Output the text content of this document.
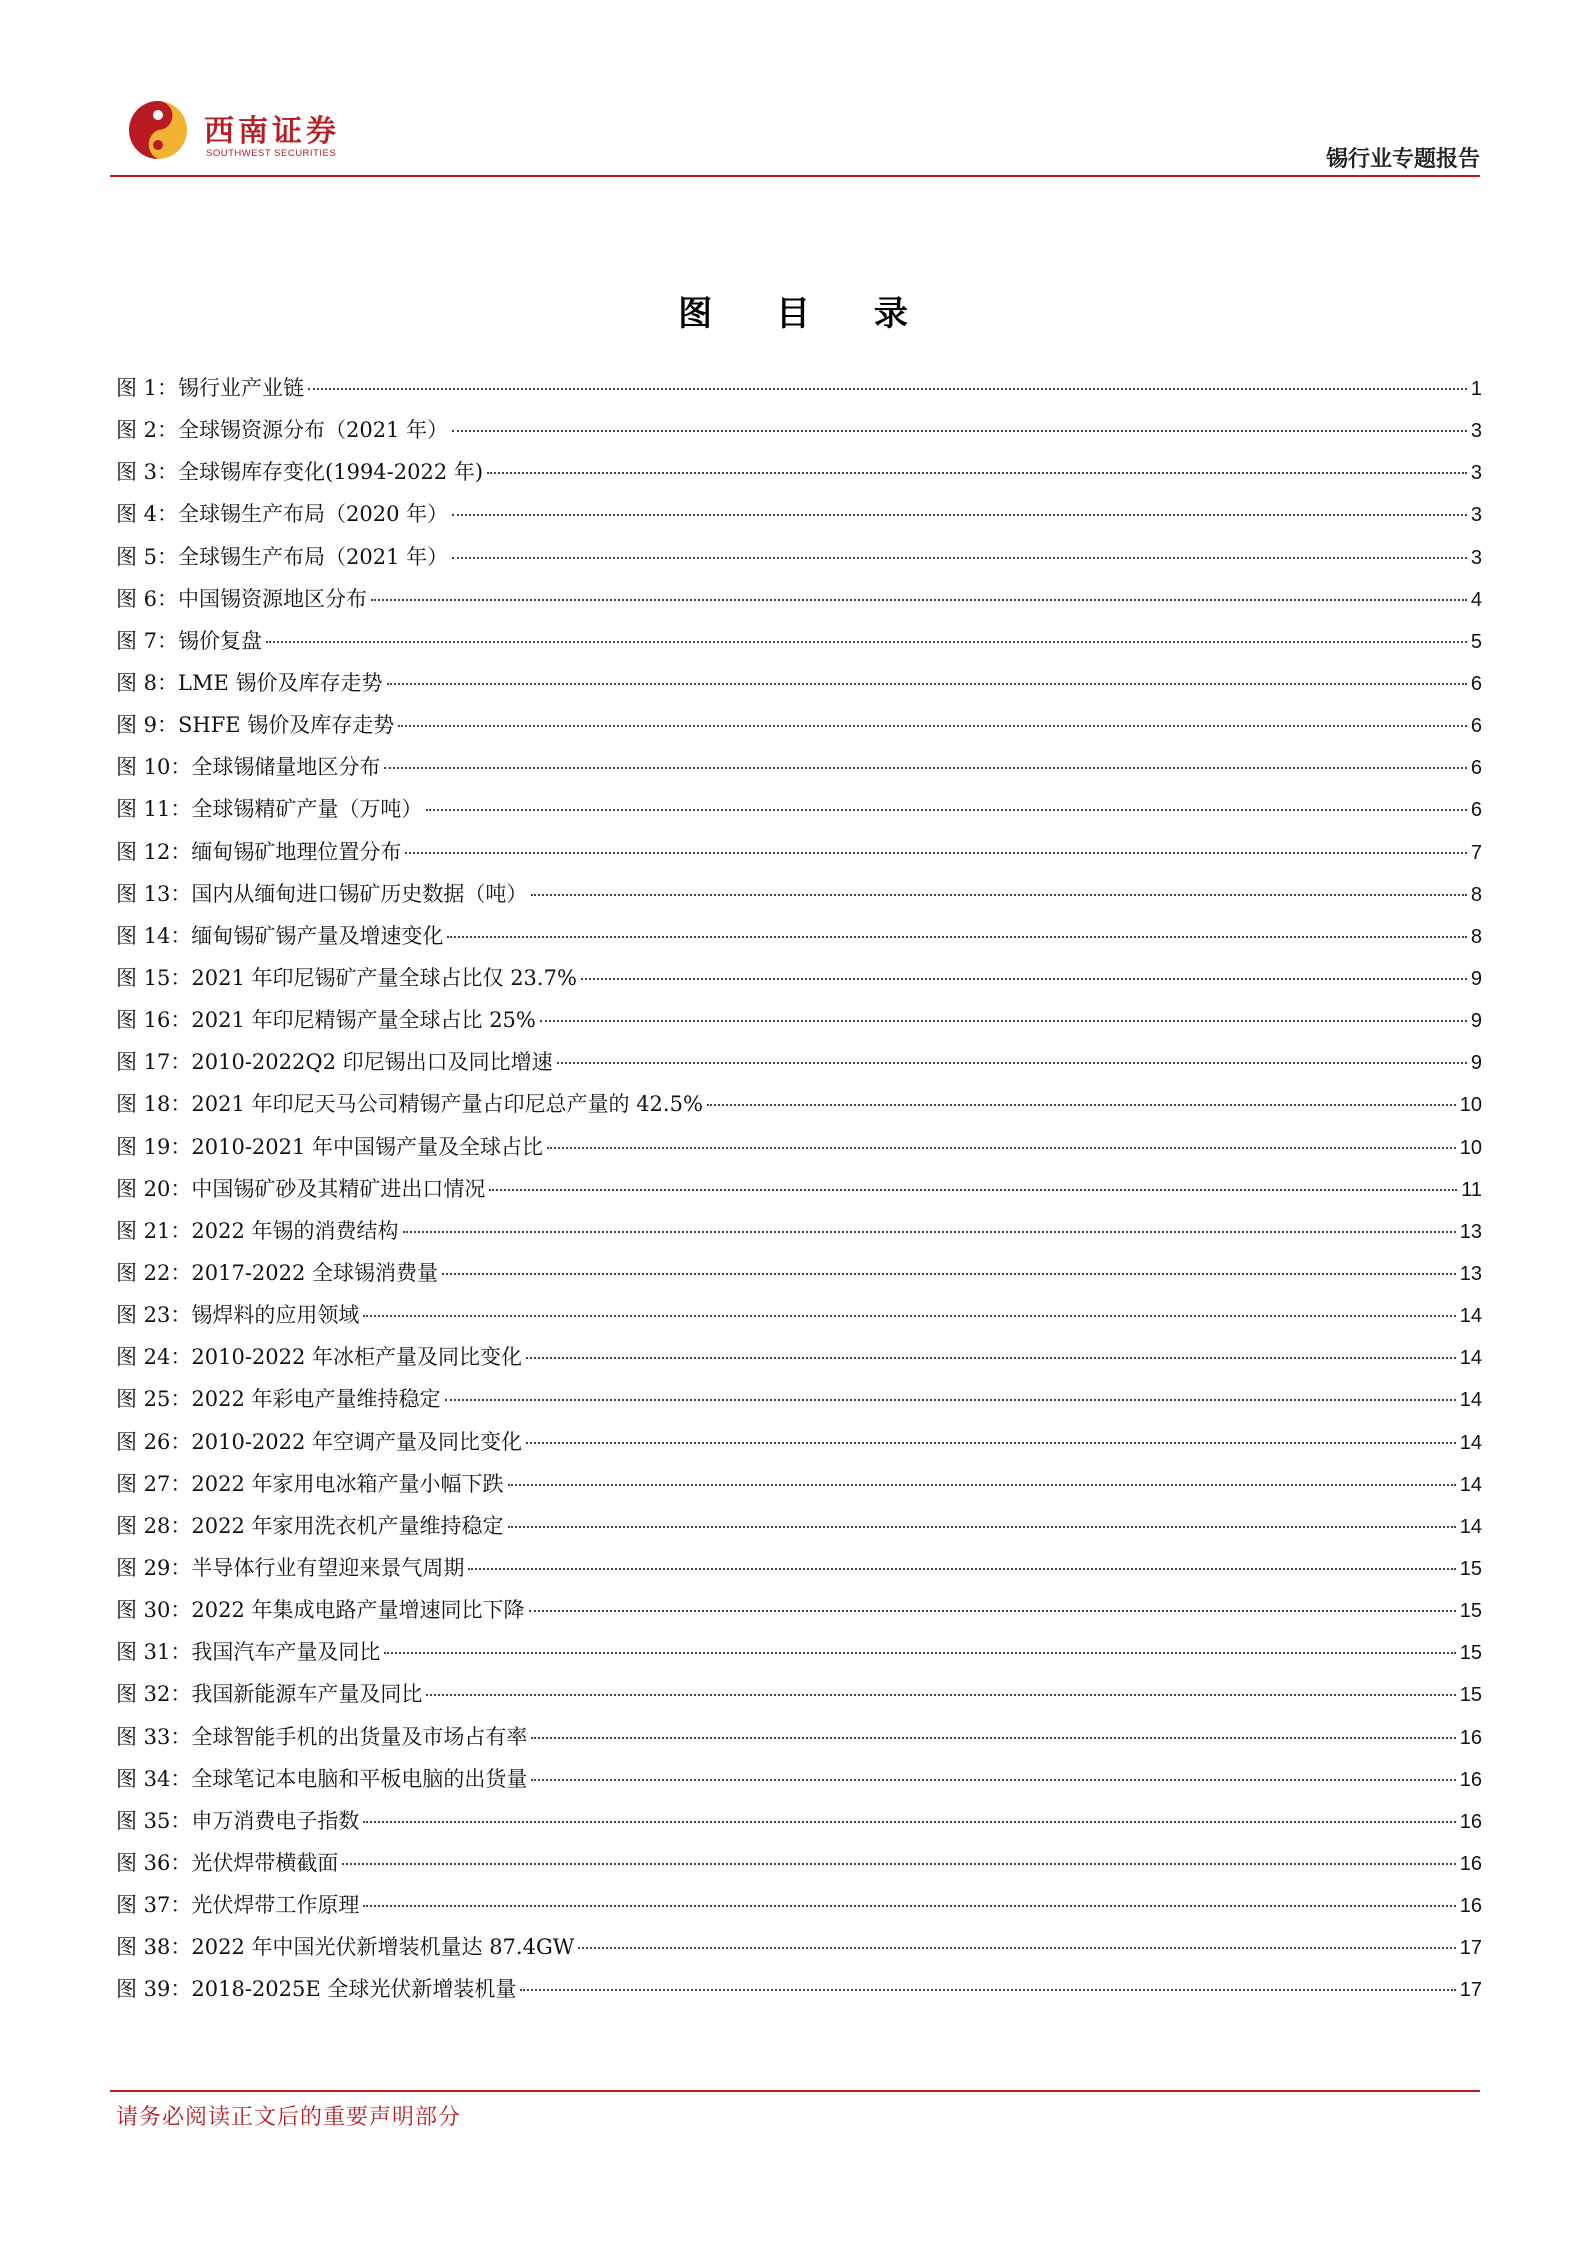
西南证券
SOUTHWEST SECURITIES	锡行业专题报告
图 目 录
图 1：锡行业产业链	1
图 2：全球锡资源分布（2021 年）	3
图 3：全球锡库存变化(1994-2022 年)	3
图 4：全球锡生产布局（2020 年）	3
图 5：全球锡生产布局（2021 年）	3
图 6：中国锡资源地区分布	4
图 7：锡价复盘	5
图 8：LME 锡价及库存走势	6
图 9：SHFE 锡价及库存走势	6
图 10：全球锡储量地区分布	6
图 11：全球锡精矿产量（万吨）	6
图 12：缅甸锡矿地理位置分布	7
图 13：国内从缅甸进口锡矿历史数据（吨）	8
图 14：缅甸锡矿锡产量及增速变化	8
图 15：2021 年印尼锡矿产量全球占比仅 23.7%	9
图 16：2021 年印尼精锡产量全球占比 25%	9
图 17：2010-2022Q2 印尼锡出口及同比增速	9
图 18：2021 年印尼天马公司精锡产量占印尼总产量的 42.5%	10
图 19：2010-2021 年中国锡产量及全球占比	10
图 20：中国锡矿砂及其精矿进出口情况	11
图 21：2022 年锡的消费结构	13
图 22：2017-2022 全球锡消费量	13
图 23：锡焊料的应用领域	14
图 24：2010-2022 年冰柜产量及同比变化	14
图 25：2022 年彩电产量维持稳定	14
图 26：2010-2022 年空调产量及同比变化	14
图 27：2022 年家用电冰箱产量小幅下跌	14
图 28：2022 年家用洗衣机产量维持稳定	14
图 29：半导体行业有望迎来景气周期	15
图 30：2022 年集成电路产量增速同比下降	15
图 31：我国汽车产量及同比	15
图 32：我国新能源车产量及同比	15
图 33：全球智能手机的出货量及市场占有率	16
图 34：全球笔记本电脑和平板电脑的出货量	16
图 35：申万消费电子指数	16
图 36：光伏焊带横截面	16
图 37：光伏焊带工作原理	16
图 38：2022 年中国光伏新增装机量达 87.4GW	17
图 39：2018-2025E 全球光伏新增装机量	17
请务必阅读正文后的重要声明部分
